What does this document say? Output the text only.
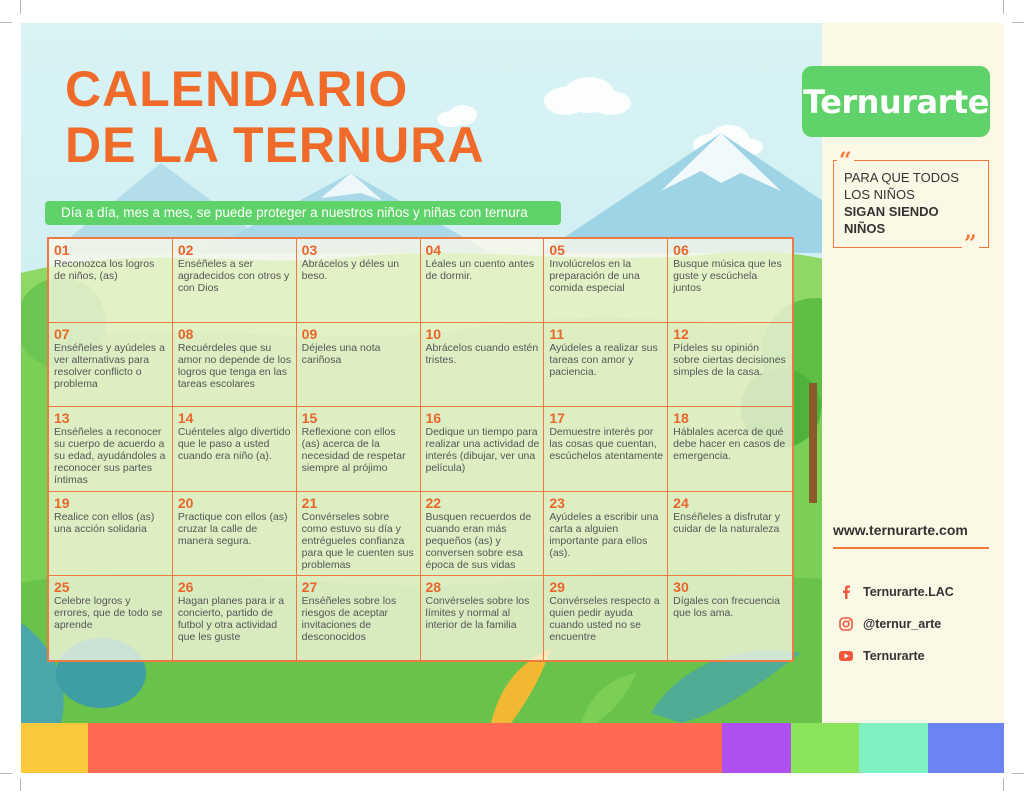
CALENDARIO
DE LA TERNURA
Día a día, mes a mes, se puede proteger a nuestros niños y niñas con ternura
01
Reconozca los logros de niños, (as)
02
Enséñeles a ser agradecidos con otros y con Dios
03
Abrácelos y déles un beso.
04
Léales un cuento antes de dormir.
05
Involúcrelos en la preparación de una comida especial
06
Busque música que les guste y escúchela juntos
07
Enséñeles y ayúdeles a ver alternativas para resolver conflicto o problema
08
Recuérdeles que su amor no depende de los logros que tenga en las tareas escolares
09
Déjeles una nota cariñosa
10
Abrácelos cuando estén tristes.
11
Ayúdeles a realizar sus tareas con amor y paciencia.
12
Pídeles su opinión sobre ciertas decisiones simples de la casa.
13
Enséñeles a reconocer su cuerpo de acuerdo a su edad, ayudándoles a reconocer sus partes íntimas
14
Cuénteles algo divertido que le paso a usted cuando era niño (a).
15
Reflexione con ellos (as) acerca de la necesidad de respetar siempre al prójimo
16
Dedique un tiempo para realizar una actividad de interés (dibujar, ver una película)
17
Demuestre interés por las cosas que cuentan, escúchelos atentamente
18
Háblales acerca de qué debe hacer en casos de emergencia.
19
Realice con ellos (as) una acción solidaria
20
Practique con ellos (as) cruzar la calle de manera segura.
21
Convérseles sobre como estuvo su día y entrégueles confianza para que le cuenten sus problemas
22
Busquen recuerdos de cuando eran más pequeños (as) y conversen sobre esa época de sus vidas
23
Ayúdeles a escribir una carta a alguien importante para ellos (as).
24
Enséñeles a disfrutar y cuidar de la naturaleza
25
Celebre logros y errores, que de todo se aprende
26
Hagan planes para ir a concierto, partido de futbol y otra actividad que les guste
27
Enséñeles sobre los riesgos de aceptar invitaciones de desconocidos
28
Convérseles sobre los límites y normal al interior de la familia
29
Convérseles respecto a quien pedir ayuda cuando usted no se encuentre
30
Dígales con frecuencia que los ama.
Ternurarte
“
”
PARA QUE TODOS
LOS NIÑOS
SIGAN SIENDO
NIÑOS
www.ternurarte.com
Ternurarte.LAC
@ternur_arte
Ternurarte
